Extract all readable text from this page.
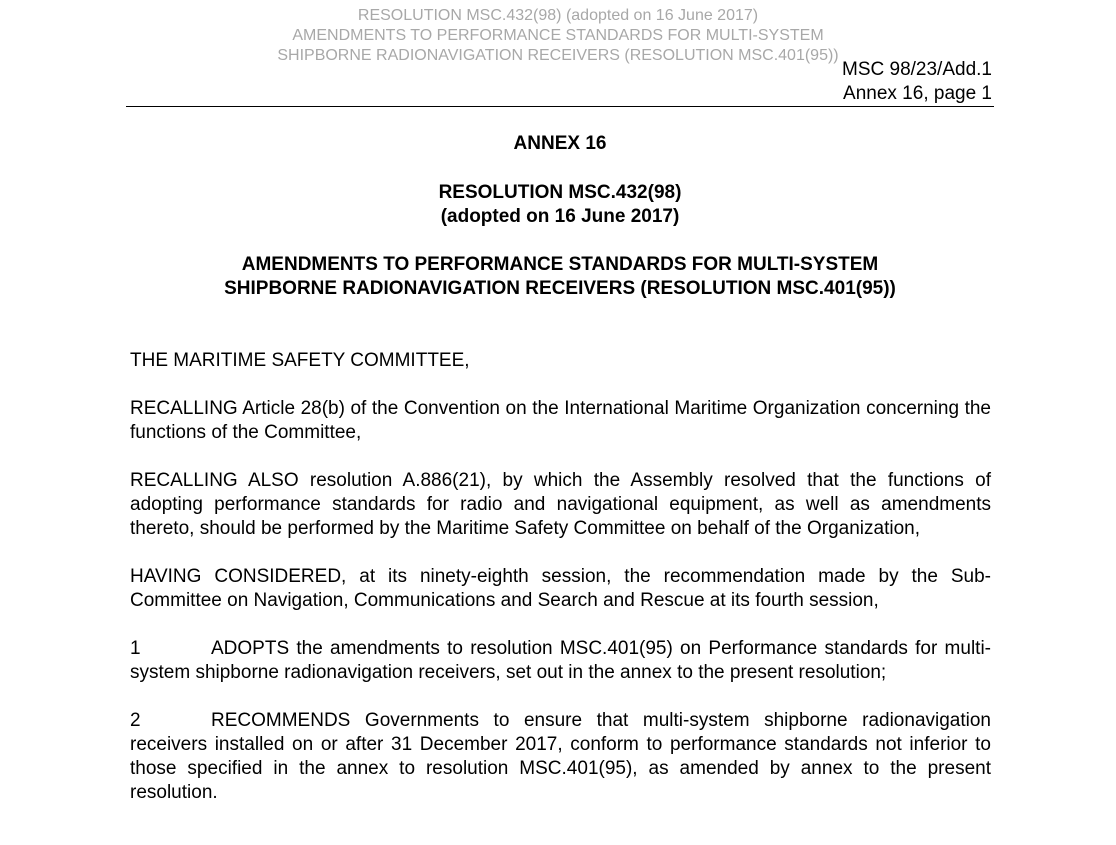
RESOLUTION MSC.432(98) (adopted on 16 June 2017)
AMENDMENTS TO PERFORMANCE STANDARDS FOR MULTI-SYSTEM
SHIPBORNE RADIONAVIGATION RECEIVERS (RESOLUTION MSC.401(95))
MSC 98/23/Add.1
Annex 16, page 1
ANNEX 16
RESOLUTION MSC.432(98)
(adopted on 16 June 2017)
AMENDMENTS TO PERFORMANCE STANDARDS FOR MULTI-SYSTEM
SHIPBORNE RADIONAVIGATION RECEIVERS (RESOLUTION MSC.401(95))

THE MARITIME SAFETY COMMITTEE,

RECALLING Article 28(b) of the Convention on the International Maritime Organization concerning the functions of the Committee,

RECALLING ALSO resolution A.886(21), by which the Assembly resolved that the functions of adopting performance standards for radio and navigational equipment, as well as amendments thereto, should be performed by the Maritime Safety Committee on behalf of the Organization,

HAVING CONSIDERED, at its ninety-eighth session, the recommendation made by the Sub-Committee on Navigation, Communications and Search and Rescue at its fourth session,

1	ADOPTS the amendments to resolution MSC.401(95) on Performance standards for multi-system shipborne radionavigation receivers, set out in the annex to the present resolution;

2	RECOMMENDS Governments to ensure that multi-system shipborne radionavigation receivers installed on or after 31 December 2017, conform to performance standards not inferior to those specified in the annex to resolution MSC.401(95), as amended by annex to the present resolution.
